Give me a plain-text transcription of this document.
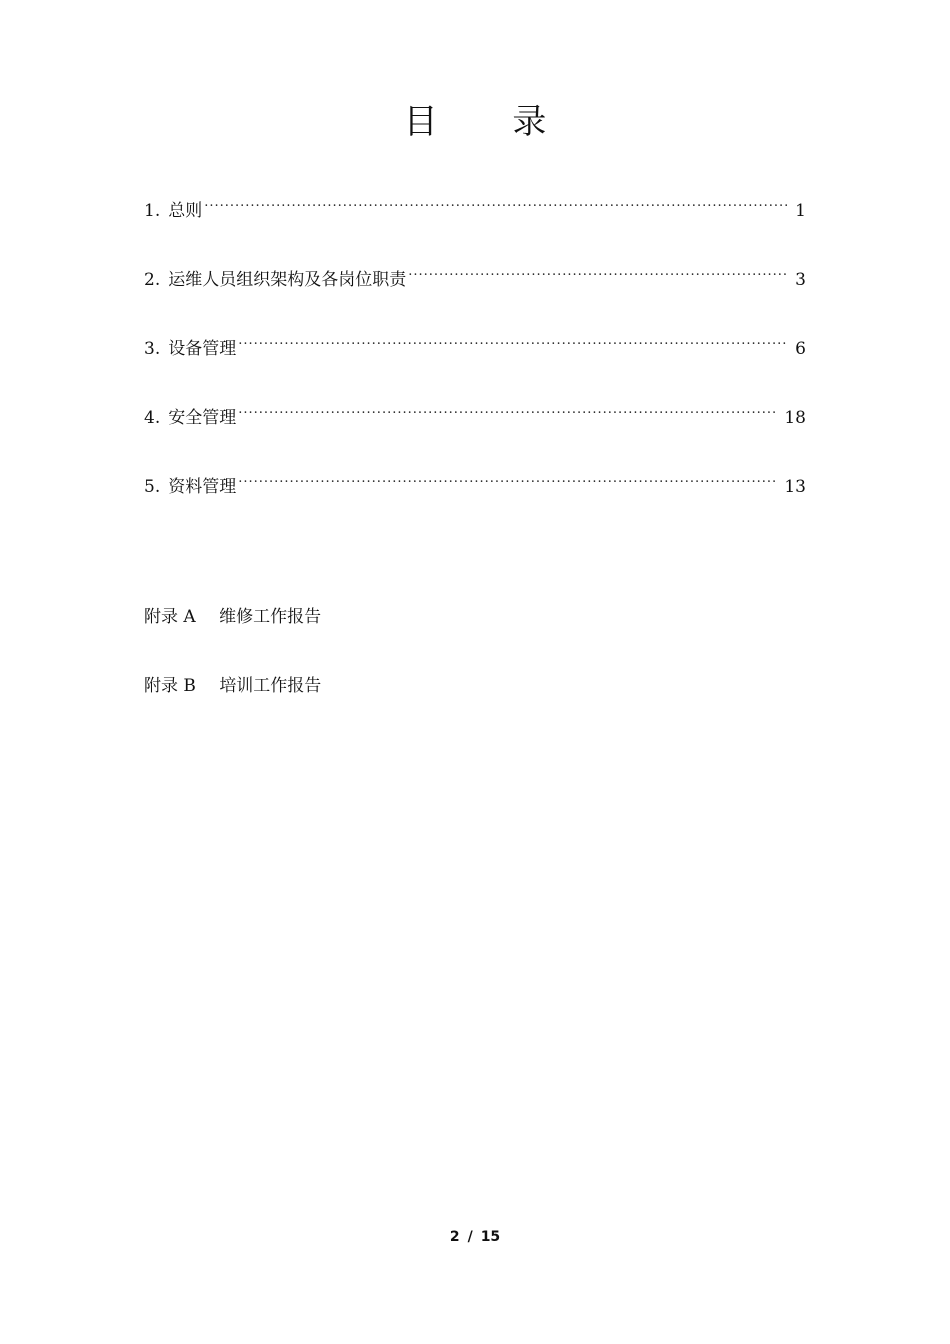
目 录
1. 总则 .....	1
2. 运维人员组织架构及各岗位职责 .....	3
3. 设备管理 .....	6
4. 安全管理 .....	18
5. 资料管理 .....	13
附录 A 维修工作报告
附录 B 培训工作报告
2 / 15
